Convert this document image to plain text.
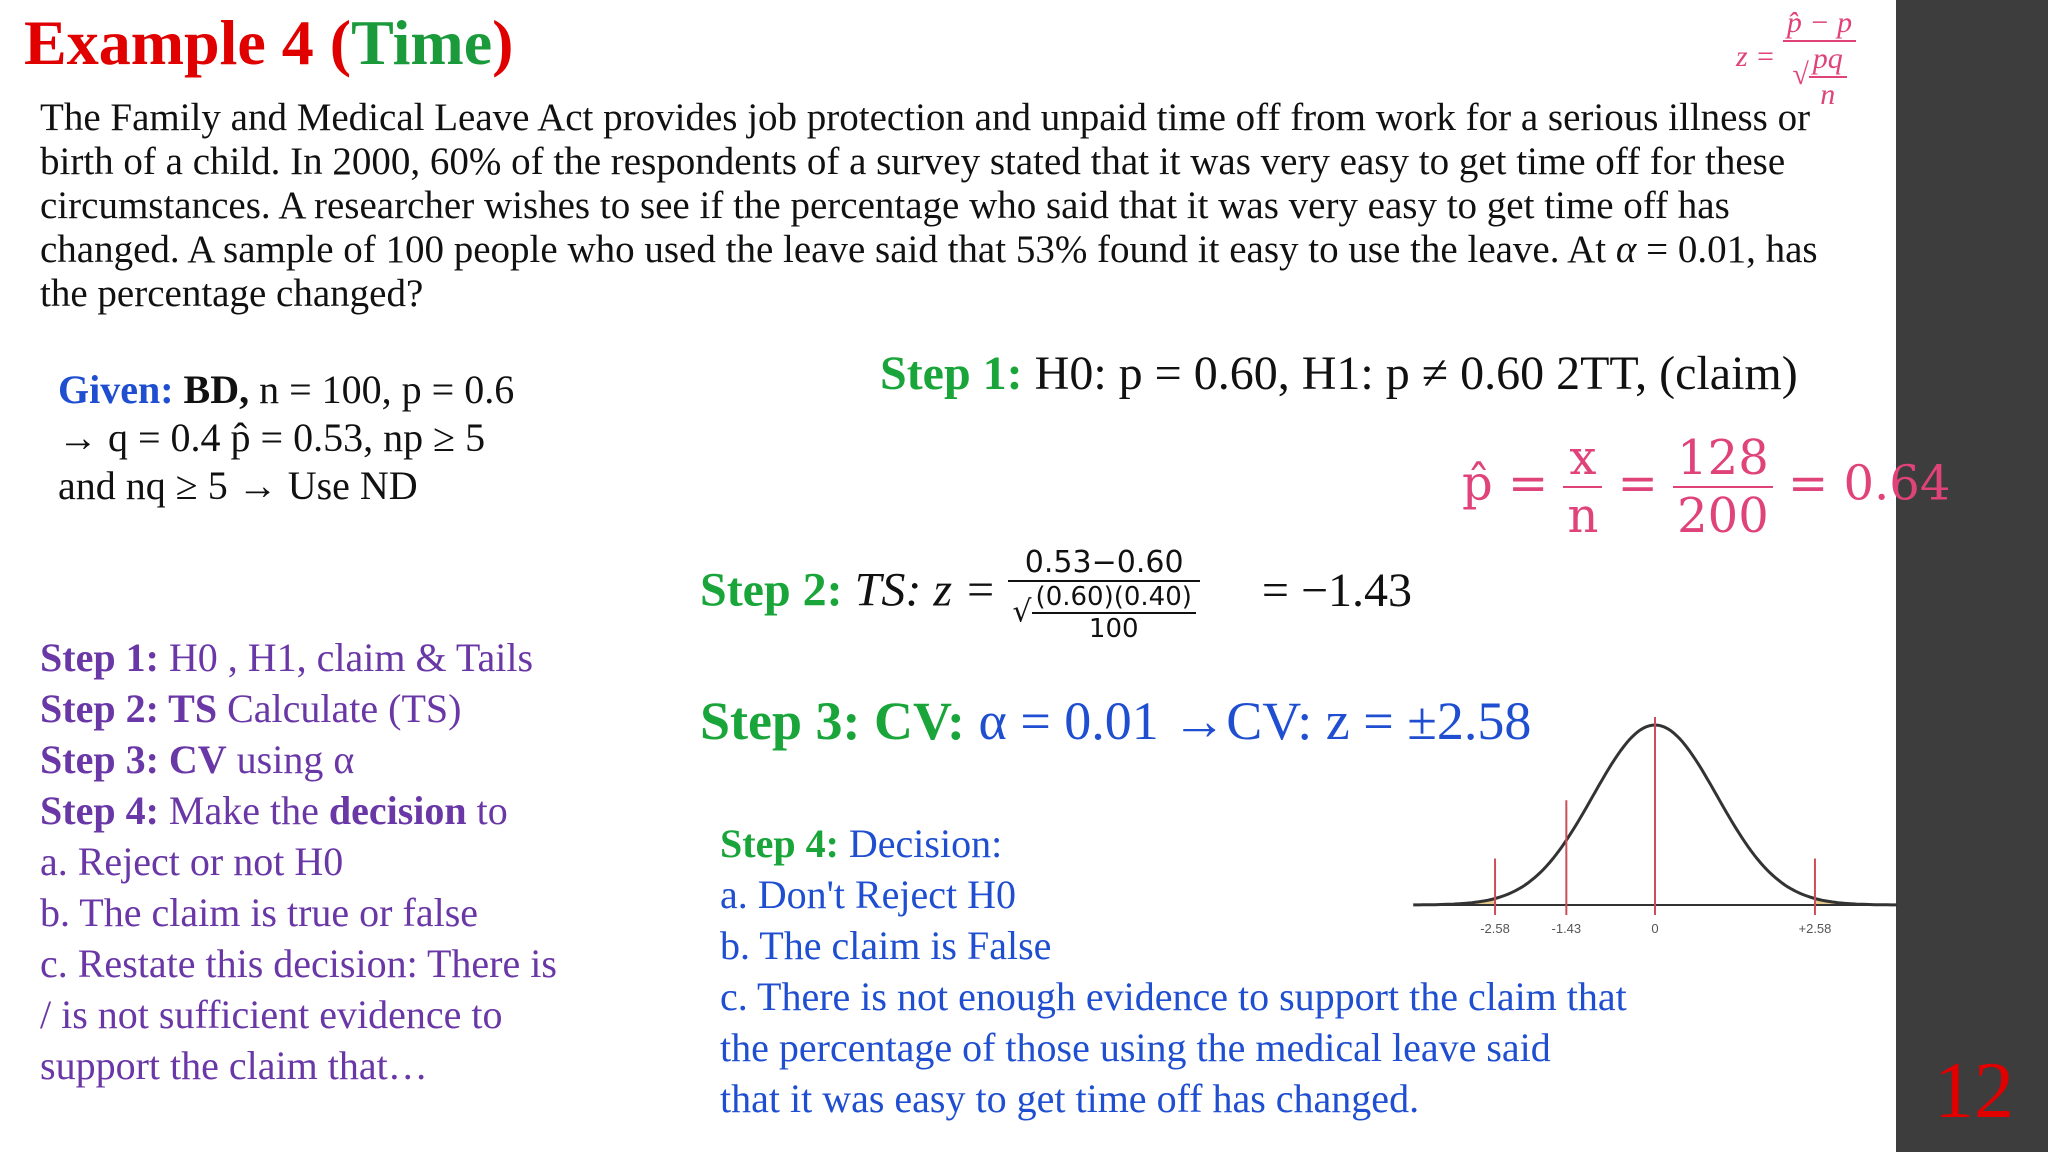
12
Example 4 (Time)	$z = \frac{p̂ - p}{√ \frac{pq}{n}}$
The Family and Medical Leave Act provides job protection and unpaid time off from work for a serious illness or birth of a child. In 2000, 60% of the respondents of a survey stated that it was very easy to get time off for these circumstances. A researcher wishes to see if the percentage who said that it was very easy to get time off has changed. A sample of 100 people who used the leave said that 53% found it easy to use the leave. At α = 0.01, has the percentage changed?
Given: BD, n = 100, p = 0.6
→ q = 0.4 p̂ = 0.53, np ≥ 5
and nq ≥ 5 → Use ND
Step 1: H0 , H1, claim & Tails
Step 2: TS Calculate (TS)
Step 3: CV using α
Step 4: Make the decision to
a. Reject or not H0
b. The claim is true or false
c. Restate this decision: There is
/ is not sufficient evidence to
support the claim that…
Step 1: H0: p = 0.60, H1: p ≠ 0.60 2TT, (claim)
p̂ = $\frac{x}{n} = \frac{128}{200} = 0.64$
Step 2: TS: $z = \frac{0.53-0.60}{√ \frac{(0.60)(0.40)}{100}} = -1.43$
Step 3: CV: α = 0.01 →CV: z = ±2.58
Step 4: Decision:
a. Don't Reject H0
b. The claim is False
c. There is not enough evidence to support the claim that
the percentage of those using the medical leave said
that it was easy to get time off has changed.
-2.58	-1.43	0	+2.58
